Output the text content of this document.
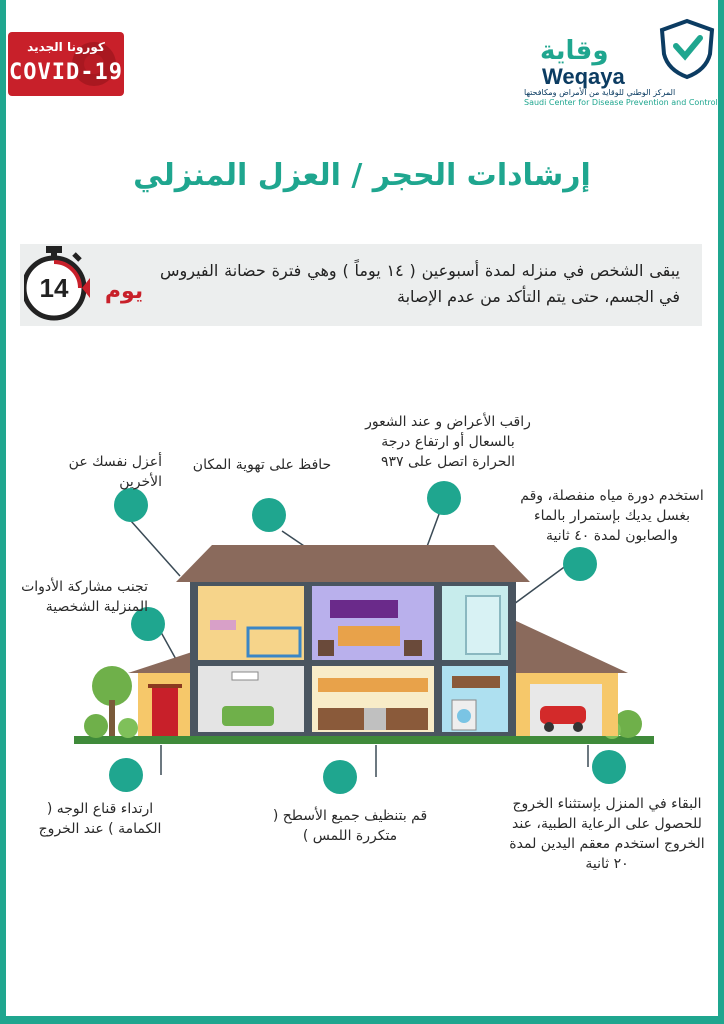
كورونا الجديد
COVID-19
وقاية
Weqaya
المركز الوطني للوقاية من الأمراض ومكافحتها
Saudi Center for Disease Prevention and Control
إرشادات الحجر / العزل المنزلي
يبقى الشخص في منزله لمدة أسبوعين ( ١٤ يوماً ) وهي فترة حضانة الفيروس في الجسم، حتى يتم التأكد من عدم الإصابة
14 يوم
أعزل نفسك عن الأخرين
حافظ على تهوية المكان
راقب الأعراض و عند الشعور بالسعال أو ارتفاع درجة الحرارة اتصل على ٩٣٧
استخدم دورة مياه منفصلة، وقم بغسل يديك بإستمرار بالماء والصابون لمدة ٤٠ ثانية
تجنب مشاركة الأدوات المنزلية الشخصية
ارتداء قناع الوجه ( الكمامة ) عند الخروج
قم بتنظيف جميع الأسطح ( متكررة اللمس )
البقاء في المنزل بإستثناء الخروج للحصول على الرعاية الطبية، عند الخروج استخدم معقم اليدين لمدة ٢٠ ثانية
